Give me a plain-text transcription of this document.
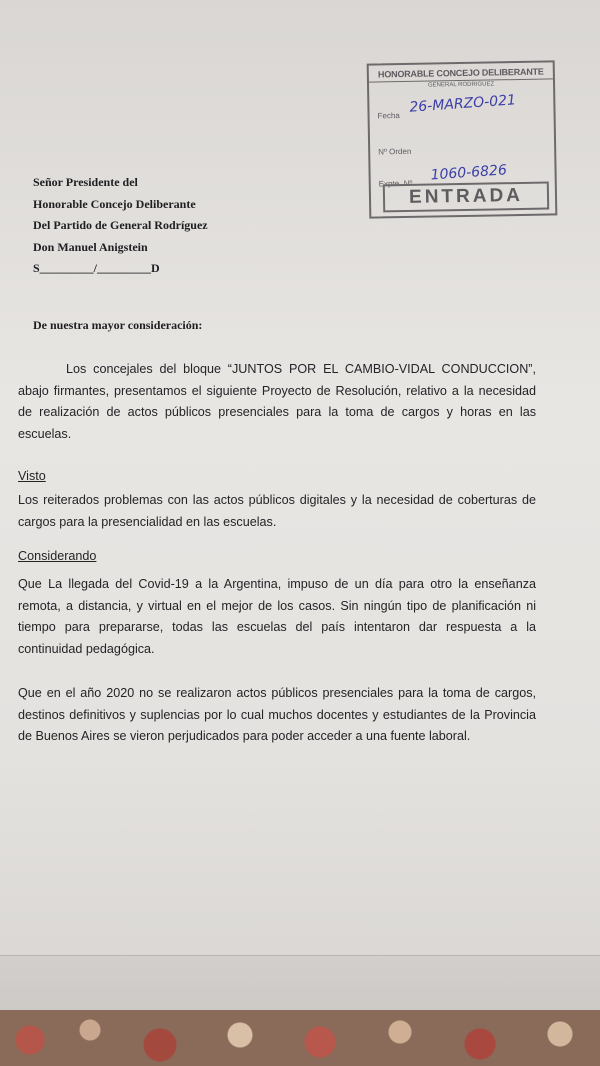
HONORABLE CONCEJO DELIBERANTE
GENERAL RODRIGUEZ
Fecha
26-MARZO-021
Nº Orden
Expte. Nº
1060-6826
ENTRADA
Señor Presidente del
Honorable Concejo Deliberante
Del Partido de General Rodríguez
Don Manuel Anigstein
S_________/_________D
De nuestra mayor consideración:
Los concejales del bloque “JUNTOS POR EL CAMBIO-VIDAL CONDUCCION”, abajo firmantes, presentamos el siguiente Proyecto de Resolución, relativo a la necesidad de realización de actos públicos presenciales para la toma de cargos y horas en las escuelas.
Visto
Los reiterados problemas con las actos públicos digitales y la necesidad de coberturas de cargos para la presencialidad en las escuelas.
Considerando
Que La llegada del Covid-19 a la Argentina, impuso de un día para otro la enseñanza remota, a distancia, y virtual en el mejor de los casos. Sin ningún tipo de planificación ni tiempo para prepararse, todas las escuelas del país intentaron dar respuesta a la continuidad pedagógica.
Que en el año 2020 no se realizaron actos públicos presenciales para la toma de cargos, destinos definitivos y suplencias por lo cual muchos docentes y estudiantes de la Provincia de Buenos Aires se vieron perjudicados para poder acceder a una fuente laboral.
